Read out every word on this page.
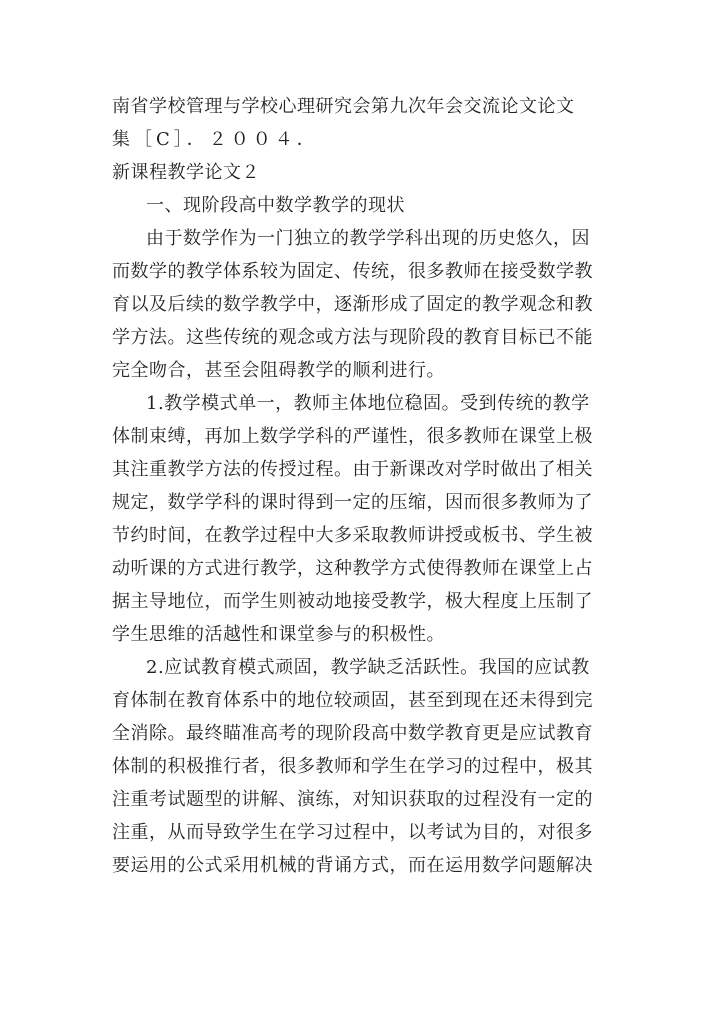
南省学校管理与学校心理研究会第九次年会交流论文论文
集［C］．２００４．
新课程教学论文２
一、现阶段高中数学教学的现状
由于数学作为一门独立的教学学科出现的历史悠久，因
而数学的教学体系较为固定、传统，很多教师在接受数学教
育以及后续的数学教学中，逐渐形成了固定的教学观念和教
学方法。这些传统的观念或方法与现阶段的教育目标已不能
完全吻合，甚至会阻碍教学的顺利进行。
1.教学模式单一，教师主体地位稳固。受到传统的教学
体制束缚，再加上数学学科的严谨性，很多教师在课堂上极
其注重教学方法的传授过程。由于新课改对学时做出了相关
规定，数学学科的课时得到一定的压缩，因而很多教师为了
节约时间，在教学过程中大多采取教师讲授或板书、学生被
动听课的方式进行教学，这种教学方式使得教师在课堂上占
据主导地位，而学生则被动地接受教学，极大程度上压制了
学生思维的活越性和课堂参与的积极性。
2.应试教育模式顽固，教学缺乏活跃性。我国的应试教
育体制在教育体系中的地位较顽固，甚至到现在还未得到完
全消除。最终瞄准高考的现阶段高中数学教育更是应试教育
体制的积极推行者，很多教师和学生在学习的过程中，极其
注重考试题型的讲解、演练，对知识获取的过程没有一定的
注重，从而导致学生在学习过程中，以考试为目的，对很多
要运用的公式采用机械的背诵方式，而在运用数学问题解决
